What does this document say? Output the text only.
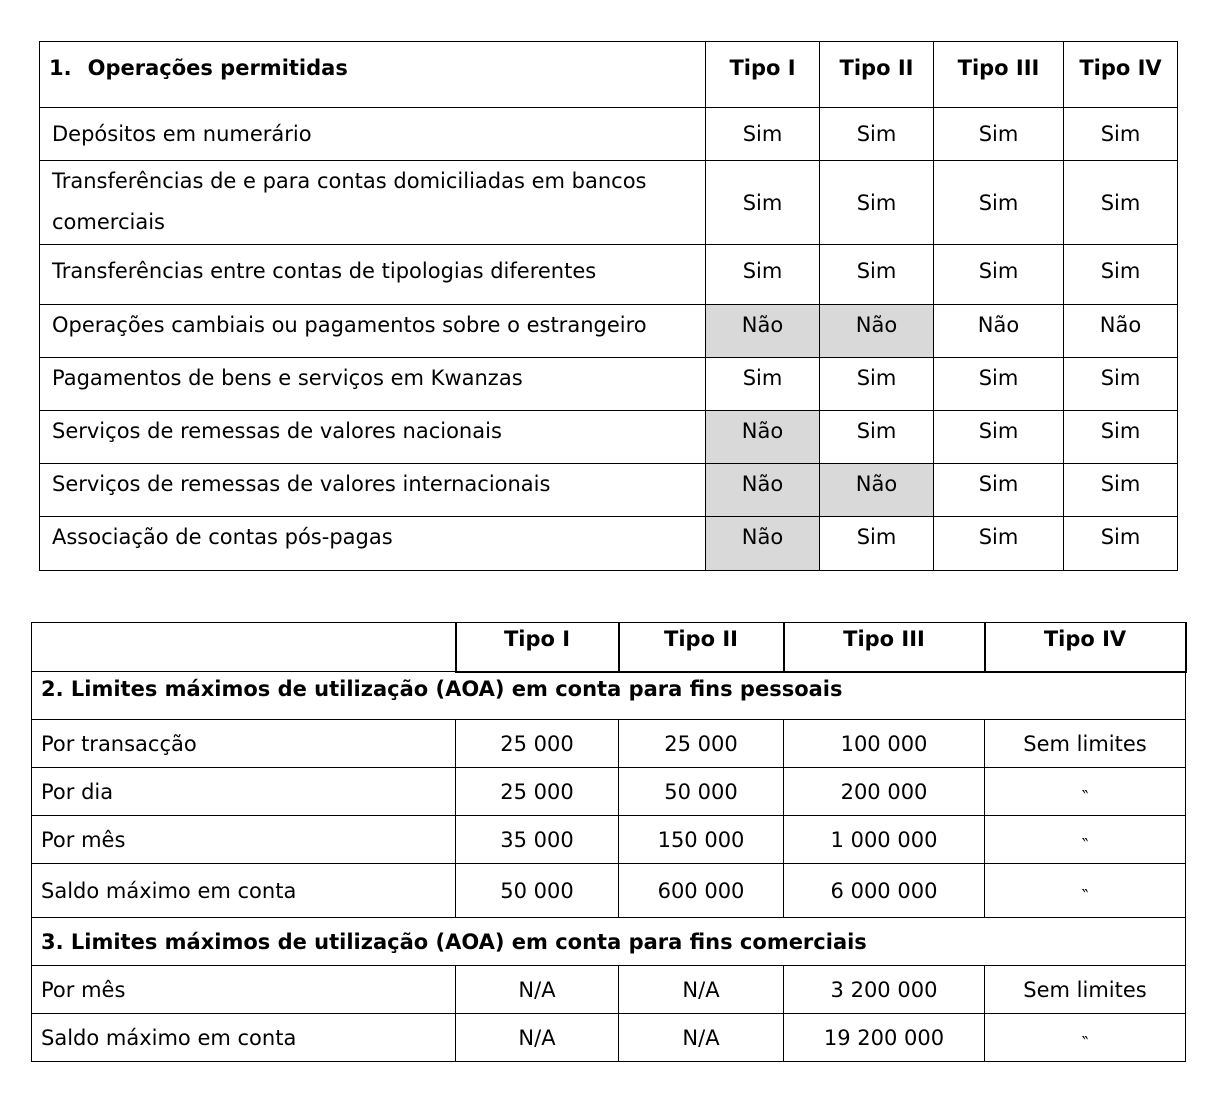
1. Operações permitidas	Tipo I	Tipo II	Tipo III	Tipo IV
Depósitos em numerário	Sim	Sim	Sim	Sim
Transferências de e para contas domiciliadas em bancos
comerciais	Sim	Sim	Sim	Sim
Transferências entre contas de tipologias diferentes	Sim	Sim	Sim	Sim
Operações cambiais ou pagamentos sobre o estrangeiro	Não	Não	Não	Não
Pagamentos de bens e serviços em Kwanzas	Sim	Sim	Sim	Sim
Serviços de remessas de valores nacionais	Não	Sim	Sim	Sim
Serviços de remessas de valores internacionais	Não	Não	Sim	Sim
Associação de contas pós-pagas	Não	Sim	Sim	Sim
	Tipo I	Tipo II	Tipo III	Tipo IV
2. Limites máximos de utilização (AOA) em conta para fins pessoais				
Por transacção	25 000	25 000	100 000	Sem limites
Por dia	25 000	50 000	200 000	‶
Por mês	35 000	150 000	1 000 000	‶
Saldo máximo em conta	50 000	600 000	6 000 000	‶
3. Limites máximos de utilização (AOA) em conta para fins comerciais				
Por mês	N/A	N/A	3 200 000	Sem limites
Saldo máximo em conta	N/A	N/A	19 200 000	‶
